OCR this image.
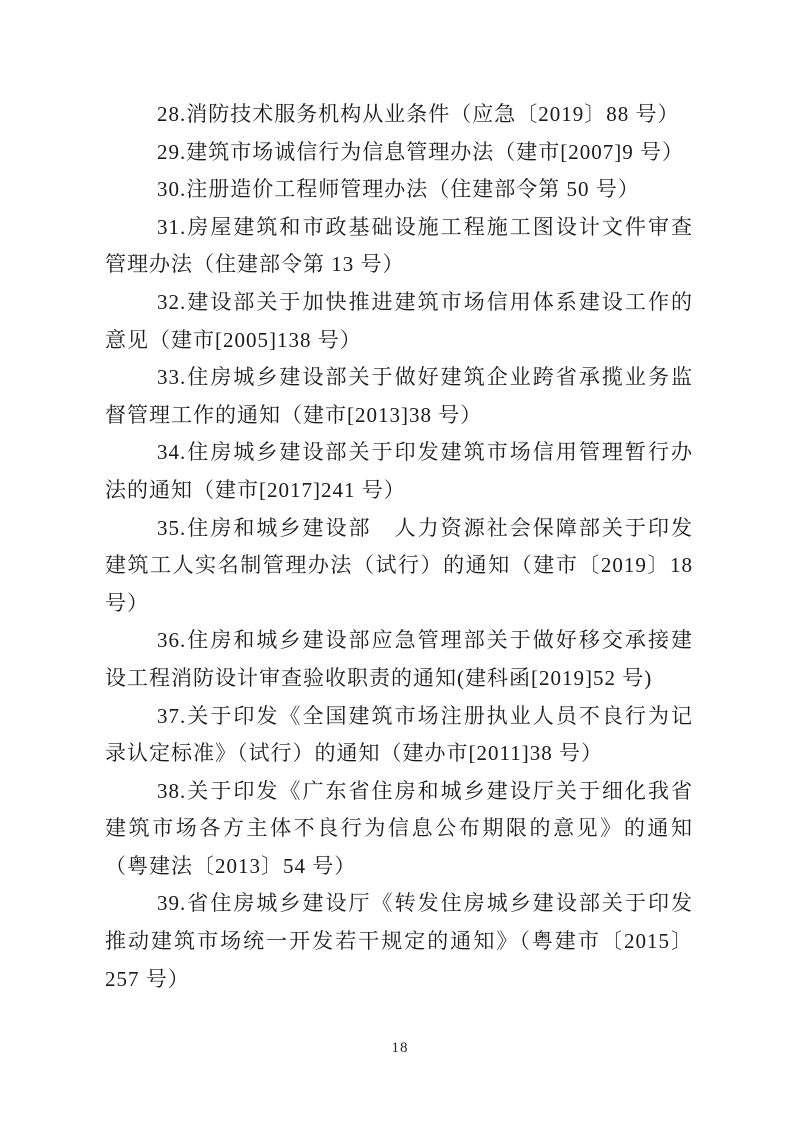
28.消防技术服务机构从业条件（应急〔2019〕88 号）
29.建筑市场诚信行为信息管理办法（建市[2007]9 号）
30.注册造价工程师管理办法（住建部令第 50 号）
31.房屋建筑和市政基础设施工程施工图设计文件审查
管理办法（住建部令第 13 号）
32.建设部关于加快推进建筑市场信用体系建设工作的
意见（建市[2005]138 号）
33.住房城乡建设部关于做好建筑企业跨省承揽业务监
督管理工作的通知（建市[2013]38 号）
34.住房城乡建设部关于印发建筑市场信用管理暂行办
法的通知（建市[2017]241 号）
35.住房和城乡建设部　人力资源社会保障部关于印发
建筑工人实名制管理办法（试行）的通知（建市〔2019〕18
号）
36.住房和城乡建设部应急管理部关于做好移交承接建
设工程消防设计审查验收职责的通知(建科函[2019]52 号)
37.关于印发《全国建筑市场注册执业人员不良行为记
录认定标准》（试行）的通知（建办市[2011]38 号）
38.关于印发《广东省住房和城乡建设厅关于细化我省
建筑市场各方主体不良行为信息公布期限的意见》的通知
（粤建法〔2013〕54 号）
39.省住房城乡建设厅《转发住房城乡建设部关于印发
推动建筑市场统一开发若干规定的通知》（粤建市〔2015〕
257 号）
18
